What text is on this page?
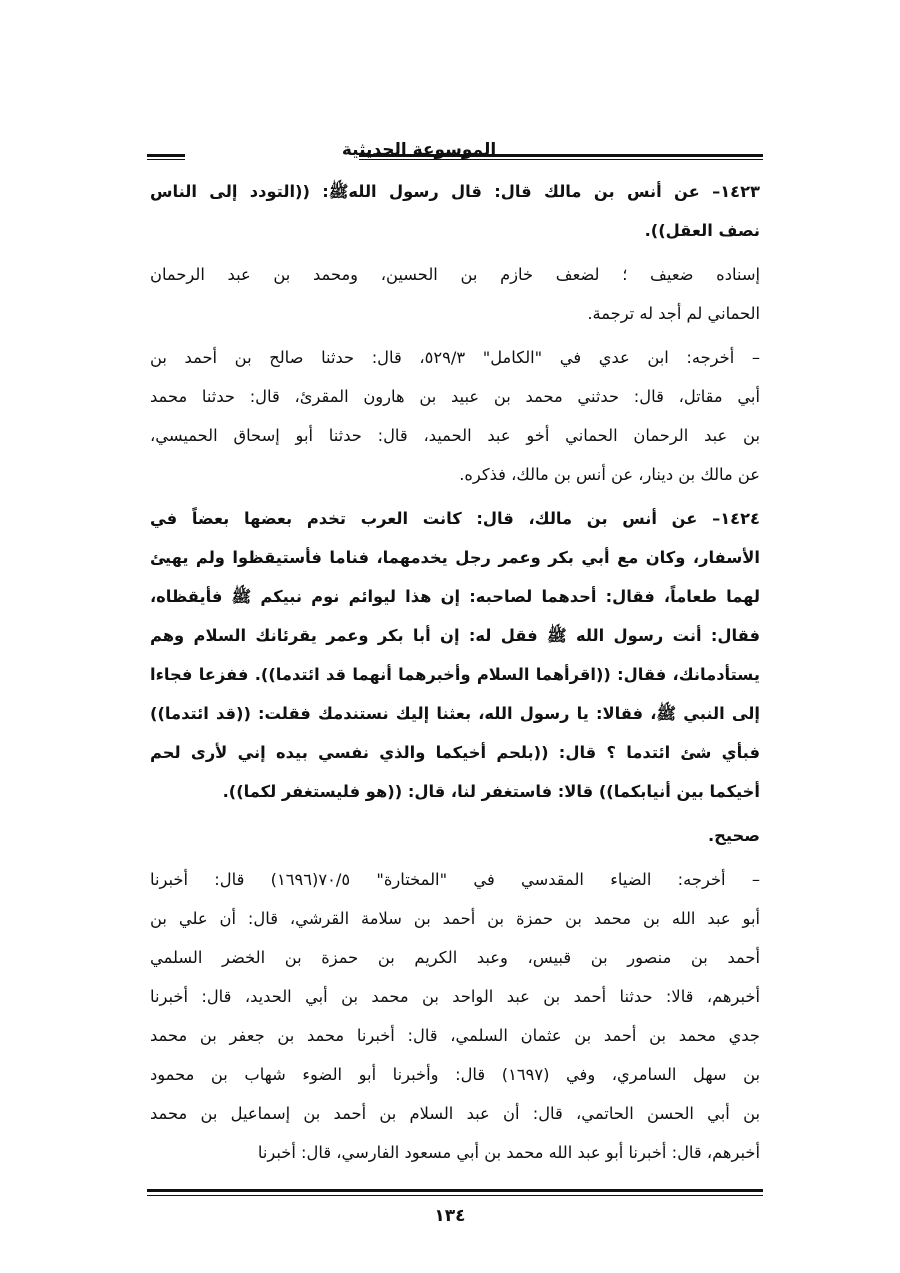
الموسوعة الحديثية
١٤٢٣– عن أنس بن مالك قال: قال رسول اللهﷺ: ((التودد إلى الناس
نصف العقل)).
إسناده ضعيف ؛ لضعف خازم بن الحسين، ومحمد بن عبد الرحمان
الحماني لم أجد له ترجمة.
– أخرجه: ابن عدي في "الكامل" ٥٢٩/٣، قال: حدثنا صالح بن أحمد بن
أبي مقاتل، قال: حدثني محمد بن عبيد بن هارون المقرئ، قال: حدثنا محمد
بن عبد الرحمان الحماني أخو عبد الحميد، قال: حدثنا أبو إسحاق الحميسي،
عن مالك بن دينار، عن أنس بن مالك، فذكره.
١٤٢٤– عن أنس بن مالك، قال: كانت العرب تخدم بعضها بعضاً في
الأسفار، وكان مع أبي بكر وعمر رجل يخدمهما، فناما فأستيقظوا ولم يهيئ
لهما طعاماً، فقال: أحدهما لصاحبه: إن هذا ليوائم نوم نبيكم ﷺ فأيقظاه،
فقال: أنت رسول الله ﷺ فقل له: إن أبا بكر وعمر يقرئانك السلام وهم
يستأدمانك، فقال: ((اقرأهما السلام وأخبرهما أنهما قد ائتدما)). ففزعا فجاءا
إلى النبي ﷺ، فقالا: يا رسول الله، بعثنا إليك نستندمك فقلت: ((قد ائتدما))
فبأي شئ ائتدما ؟ قال: ((بلحم أخيكما والذي نفسي بيده إني لأرى لحم
أخيكما بين أنيابكما)) قالا: فاستغفر لنا، قال: ((هو فليستغفر لكما)).
صحيح.
– أخرجه: الضياء المقدسي في "المختارة" ٧٠/٥(١٦٩٦) قال: أخبرنا
أبو عبد الله بن محمد بن حمزة بن أحمد بن سلامة القرشي، قال: أن علي بن
أحمد بن منصور بن قبيس، وعبد الكريم بن حمزة بن الخضر السلمي
أخبرهم، قالا: حدثنا أحمد بن عبد الواحد بن محمد بن أبي الحديد، قال: أخبرنا
جدي محمد بن أحمد بن عثمان السلمي، قال: أخبرنا محمد بن جعفر بن محمد
بن سهل السامري، وفي (١٦٩٧) قال: وأخبرنا أبو الضوء شهاب بن محمود
بن أبي الحسن الحاتمي، قال: أن عبد السلام بن أحمد بن إسماعيل بن محمد
أخبرهم، قال: أخبرنا أبو عبد الله محمد بن أبي مسعود الفارسي، قال: أخبرنا
١٣٤
